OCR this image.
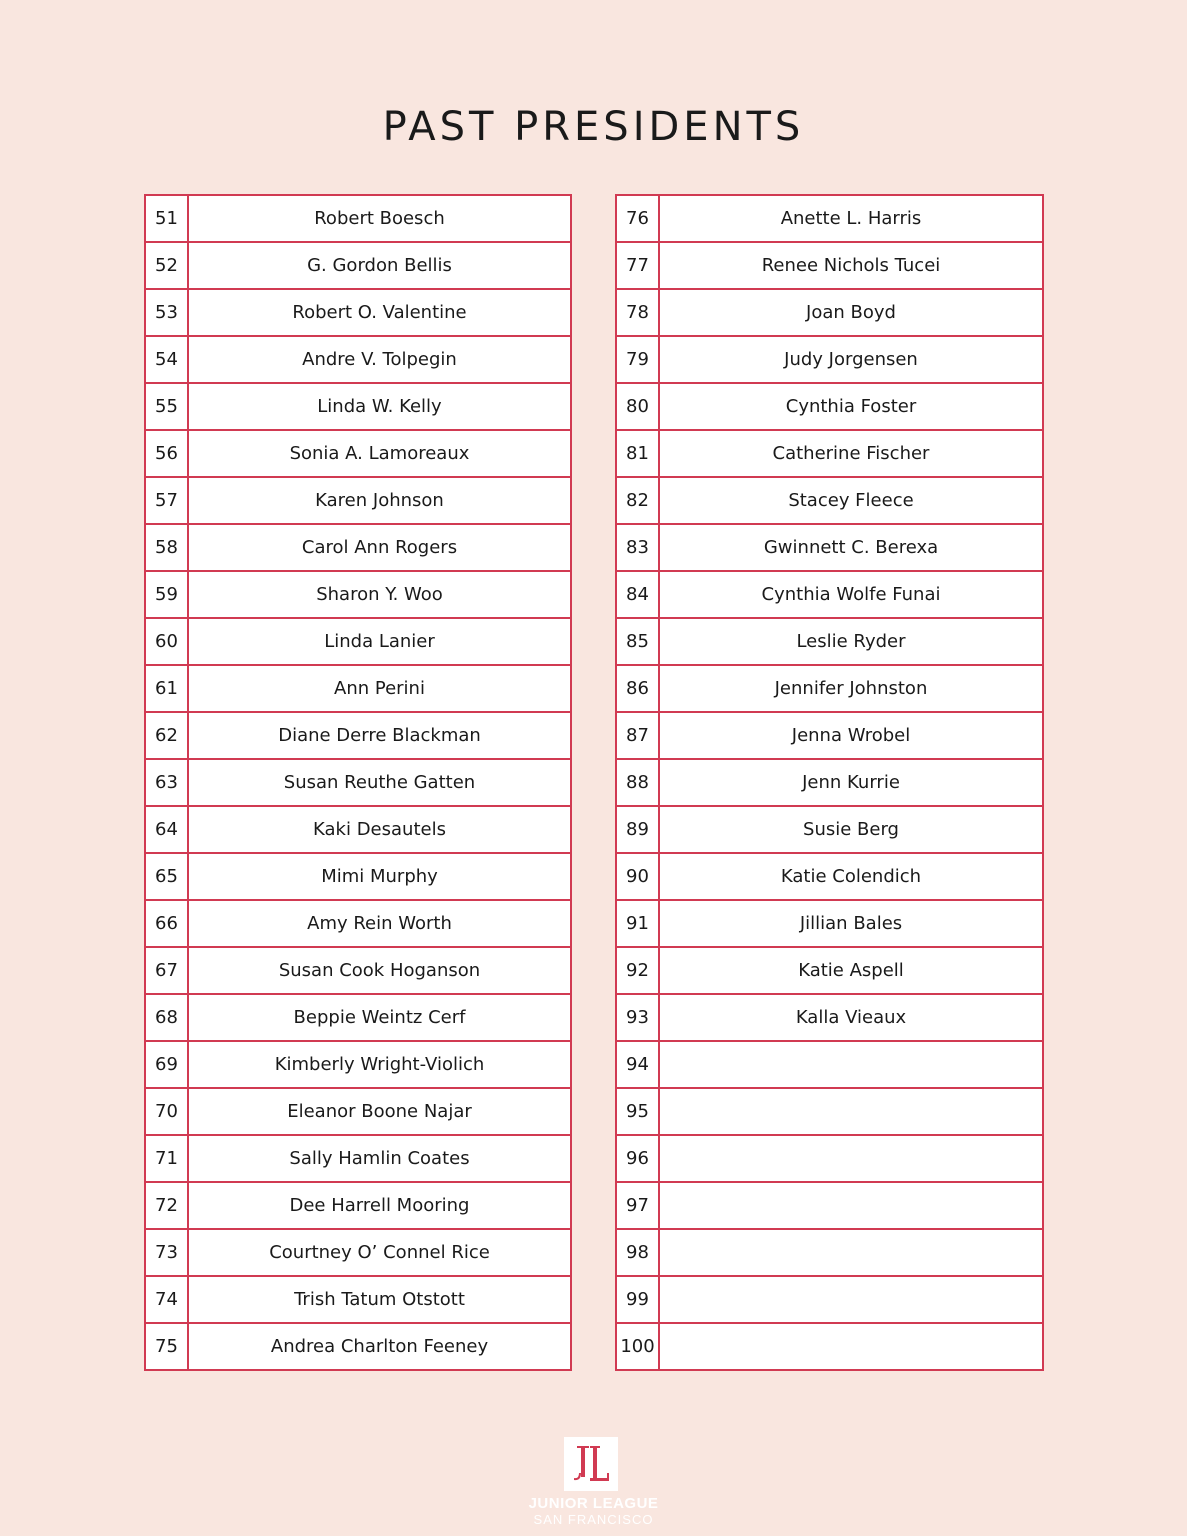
PAST PRESIDENTS
51	Robert Boesch
52	G. Gordon Bellis
53	Robert O. Valentine
54	Andre V. Tolpegin
55	Linda W. Kelly
56	Sonia A. Lamoreaux
57	Karen Johnson
58	Carol Ann Rogers
59	Sharon Y. Woo
60	Linda Lanier
61	Ann Perini
62	Diane Derre Blackman
63	Susan Reuthe Gatten
64	Kaki Desautels
65	Mimi Murphy
66	Amy Rein Worth
67	Susan Cook Hoganson
68	Beppie Weintz Cerf
69	Kimberly Wright-Violich
70	Eleanor Boone Najar
71	Sally Hamlin Coates
72	Dee Harrell Mooring
73	Courtney O’ Connel Rice
74	Trish Tatum Otstott
75	Andrea Charlton Feeney
76	Anette L. Harris
77	Renee Nichols Tucei
78	Joan Boyd
79	Judy Jorgensen
80	Cynthia Foster
81	Catherine Fischer
82	Stacey Fleece
83	Gwinnett C. Berexa
84	Cynthia Wolfe Funai
85	Leslie Ryder
86	Jennifer Johnston
87	Jenna Wrobel
88	Jenn Kurrie
89	Susie Berg
90	Katie Colendich
91	Jillian Bales
92	Katie Aspell
93	Kalla Vieaux
94	
95	
96	
97	
98	
99	
100	
JUNIOR LEAGUE
SAN FRANCISCO
